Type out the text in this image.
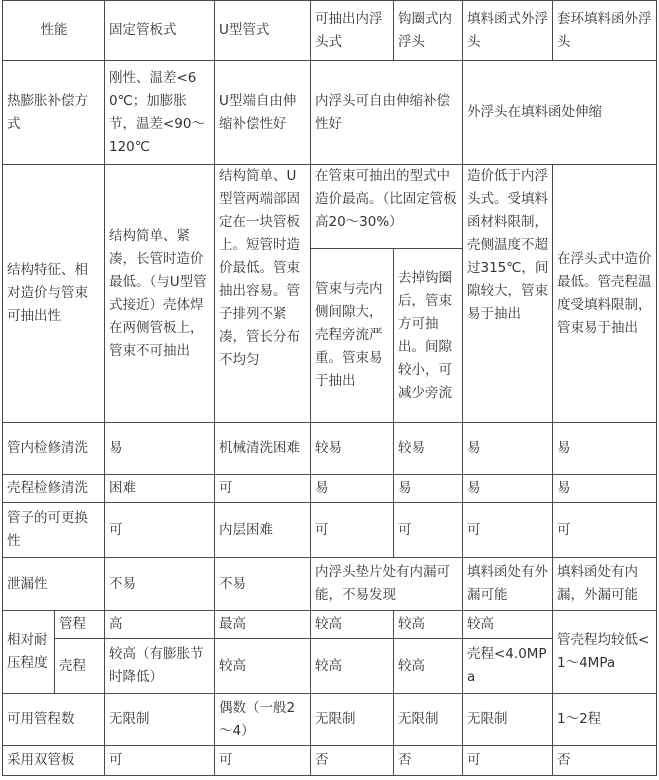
性能		固定管板式	U型管式	可抽出内浮头式	钩圈式内浮头	填料函式外浮头	套环填料函外浮头
热膨胀补偿方式		刚性、温差<60℃；加膨胀节，温差<90～120℃	U型端自由伸缩补偿性好	内浮头可自由伸缩补偿性好		外浮头在填料函处伸缩	
结构特征、相对造价与管束可抽出性		结构简单、紧凑，长管时造价最低。（与U型管式接近）壳体焊在两侧管板上，管束不可抽出	结构简单、U型管两端部固定在一块管板上。短管时造价最低。管束抽出容易。管子排列不紧凑，管长分布不均匀	在管束可抽出的型式中造价最高。（比固定管板高20～30%）		造价低于内浮头式。受填料函材料限制，壳侧温度不超过315℃，间隙较大，管束易于抽出	在浮头式中造价最低。管壳程温度受填料限制，管束易于抽出
				管束与壳内侧间隙大，壳程旁流严重。管束易于抽出	去掉钩圈后，管束方可抽出。间隙较小，可减少旁流		
管内检修清洗		易	机械清洗困难	较易	较易	易	易
壳程检修清洗		困难	可	易	易	易	易
管子的可更换性		可	内层困难	可	可	可	可
泄漏性		不易	不易	内浮头垫片处有内漏可能，不易发现		填料函处有外漏可能	填料函处有内漏，外漏可能
相对耐压程度	管程	高	最高	较高	较高	较高	管壳程均较低<1～4MPa
	壳程	较高（有膨胀节时降低）	较高	较高	较高	壳程<4.0MPa	
可用管程数		无限制	偶数（一般2～4）	无限制	无限制	无限制	1～2程
采用双管板		可	可	否	否	可	否
